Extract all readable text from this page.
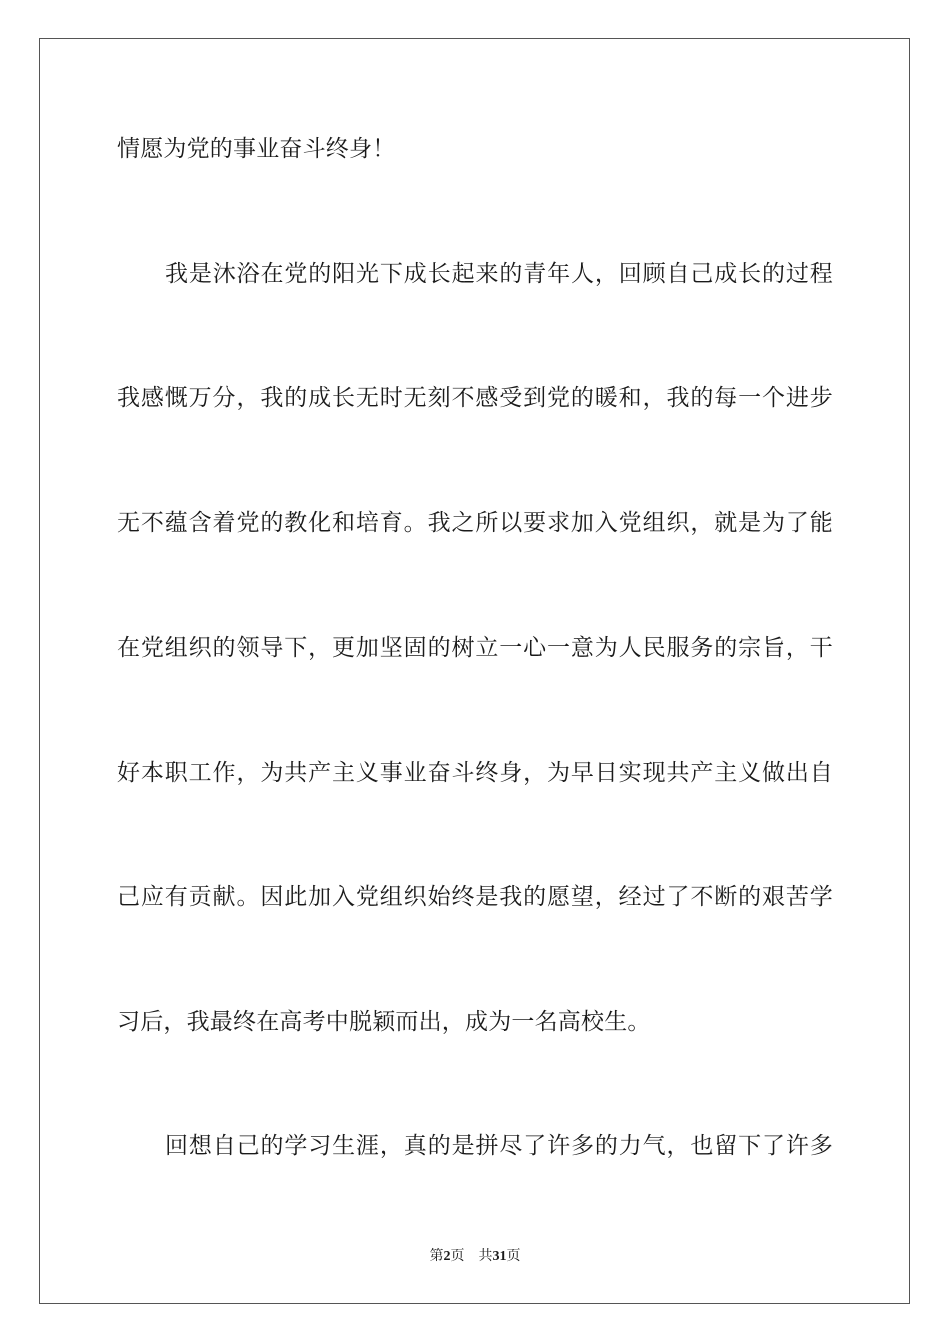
情愿为党的事业奋斗终身！
我是沐浴在党的阳光下成长起来的青年人，回顾自己成长的过程
我感慨万分，我的成长无时无刻不感受到党的暖和，我的每一个进步
无不蕴含着党的教化和培育。我之所以要求加入党组织，就是为了能
在党组织的领导下，更加坚固的树立一心一意为人民服务的宗旨，干
好本职工作，为共产主义事业奋斗终身，为早日实现共产主义做出自
己应有贡献。因此加入党组织始终是我的愿望，经过了不断的艰苦学
习后，我最终在高考中脱颖而出，成为一名高校生。
回想自己的学习生涯，真的是拼尽了许多的力气，也留下了许多
第2页 共31页
